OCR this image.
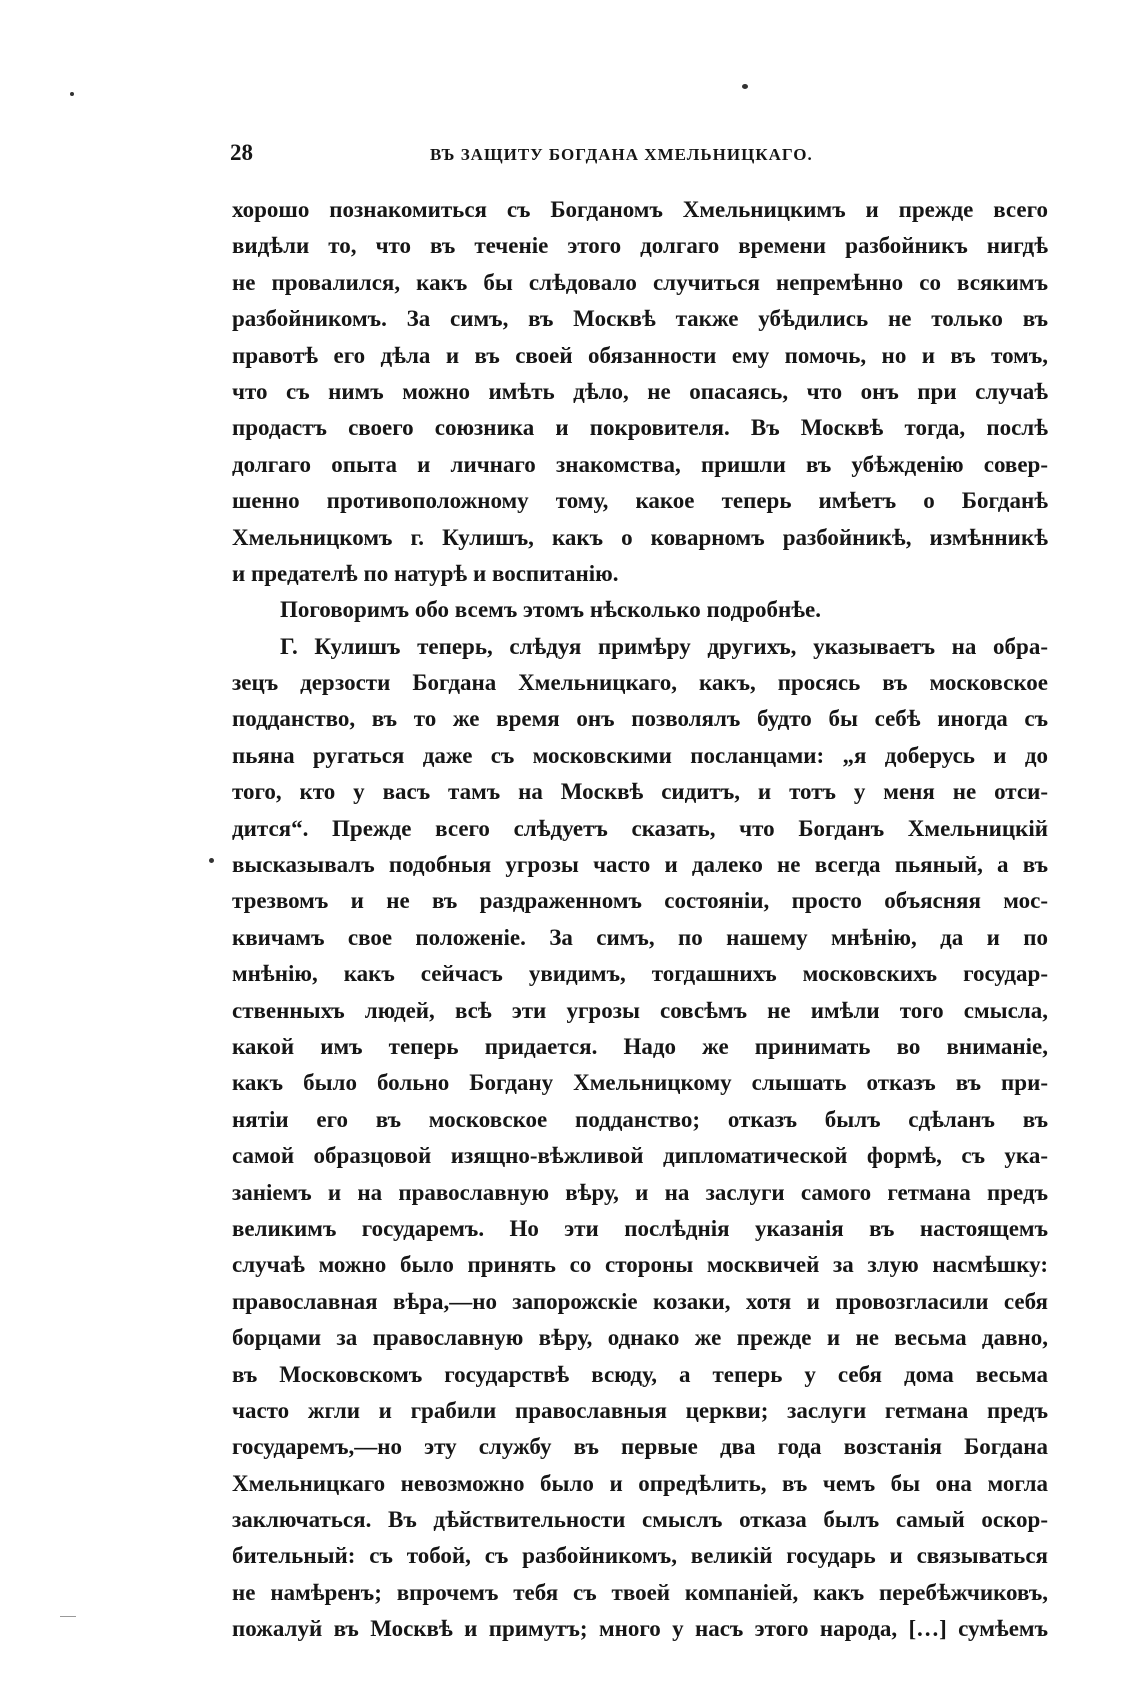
28	ВЪ ЗАЩИТУ БОГДАНА ХМЕЛЬНИЦКАГО.
хорошо познакомиться съ Богданомъ Хмельницкимъ и прежде всего
видѣли то, что въ теченіе этого долгаго времени разбойникъ нигдѣ
не провалился, какъ бы слѣдовало случиться непремѣнно со всякимъ
разбойникомъ. За симъ, въ Москвѣ также убѣдились не только въ
правотѣ его дѣла и въ своей обязанности ему помочь, но и въ томъ,
что съ нимъ можно имѣть дѣло, не опасаясь, что онъ при случаѣ
продастъ своего союзника и покровителя. Въ Москвѣ тогда, послѣ
долгаго опыта и личнаго знакомства, пришли въ убѣжденію совер-
шенно противоположному тому, какое теперь имѣетъ о Богданѣ
Хмельницкомъ г. Кулишъ, какъ о коварномъ разбойникѣ, измѣнникѣ
и предателѣ по натурѣ и воспитанію.
Поговоримъ обо всемъ этомъ нѣсколько подробнѣе.
Г. Кулишъ теперь, слѣдуя примѣру другихъ, указываетъ на обра-
зецъ дерзости Богдана Хмельницкаго, какъ, просясь въ московское
подданство, въ то же время онъ позволялъ будто бы себѣ иногда съ
пьяна ругаться даже съ московскими посланцами: „я доберусь и до
того, кто у васъ тамъ на Москвѣ сидитъ, и тотъ у меня не отси-
дится“. Прежде всего слѣдуетъ сказать, что Богданъ Хмельницкій
высказывалъ подобныя угрозы часто и далеко не всегда пьяный, а въ
трезвомъ и не въ раздраженномъ состояніи, просто объясняя мос-
квичамъ свое положеніе. За симъ, по нашему мнѣнію, да и по
мнѣнію, какъ сейчасъ увидимъ, тогдашнихъ московскихъ государ-
ственныхъ людей, всѣ эти угрозы совсѣмъ не имѣли того смысла,
какой имъ теперь придается. Надо же принимать во вниманіе,
какъ было больно Богдану Хмельницкому слышать отказъ въ при-
нятіи его въ московское подданство; отказъ былъ сдѣланъ въ
самой образцовой изящно-вѣжливой дипломатической формѣ, съ ука-
заніемъ и на православную вѣру, и на заслуги самого гетмана предъ
великимъ государемъ. Но эти послѣднія указанія въ настоящемъ
случаѣ можно было принять со стороны москвичей за злую насмѣшку:
православная вѣра,—но запорожскіе козаки, хотя и провозгласили себя
борцами за православную вѣру, однако же прежде и не весьма давно,
въ Московскомъ государствѣ всюду, а теперь у себя дома весьма
часто жгли и грабили православныя церкви; заслуги гетмана предъ
государемъ,—но эту службу въ первые два года возстанія Богдана
Хмельницкаго невозможно было и опредѣлить, въ чемъ бы она могла
заключаться. Въ дѣйствительности смыслъ отказа былъ самый оскор-
бительный: съ тобой, съ разбойникомъ, великій государь и связываться
не намѣренъ; впрочемъ тебя съ твоей компаніей, какъ перебѣжчиковъ,
пожалуй въ Москвѣ и примутъ; много у насъ этого народа, […] сумѣемъ
